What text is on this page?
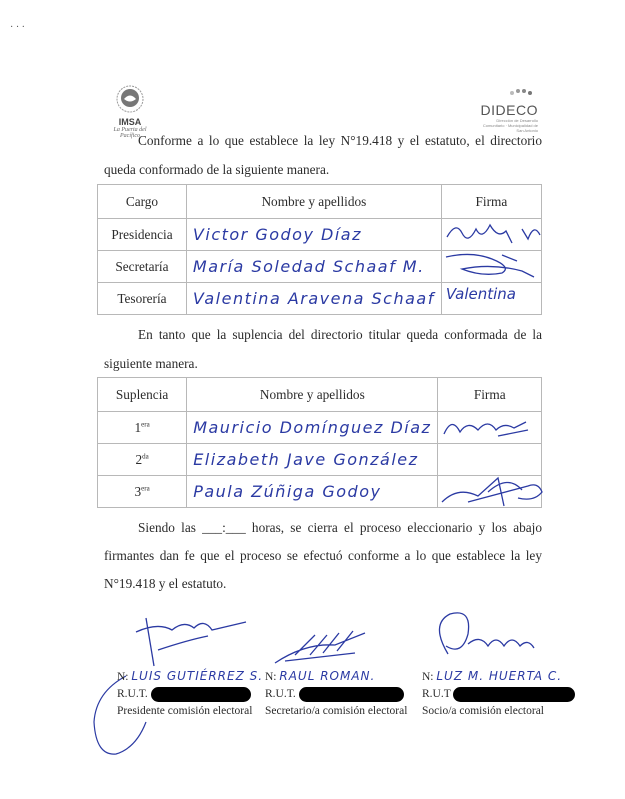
· · ·
IMSA
La Puerta del Pacífico
DIDECO
Dirección de Desarrollo Comunitario · Municipalidad de San Antonio

Conforme a lo que establece la ley N°19.418 y el estatuto, el directorio queda conformado de la siguiente manera.

Cargo	Nombre y apellidos	Firma
Presidencia	Victor Godoy Díaz	

Secretaría	María Soledad Schaaf M.	

Tesorería	Valentina Aravena Schaaf	Valentina

En tanto que la suplencia del directorio titular queda conformada de la siguiente manera.

Suplencia	Nombre y apellidos	Firma
$1^{era}$	Mauricio Domínguez Díaz	

$2^{da}$	Elizabeth Jave González	
$3^{era}$	Paula Zúñiga Godoy	

Siendo las ___:___ horas, se cierra el proceso eleccionario y los abajo firmantes dan fe que el proceso se efectuó conforme a lo que establece la ley N°19.418 y el estatuto.

N: LUIS GUTIÉRREZ S.
R.U.T.
Presidente comisión electoral
N: RAUL ROMAN.
R.U.T.
Secretario/a comisión electoral
N: LUZ M. HUERTA C.
R.U.T
Socio/a comisión electoral
